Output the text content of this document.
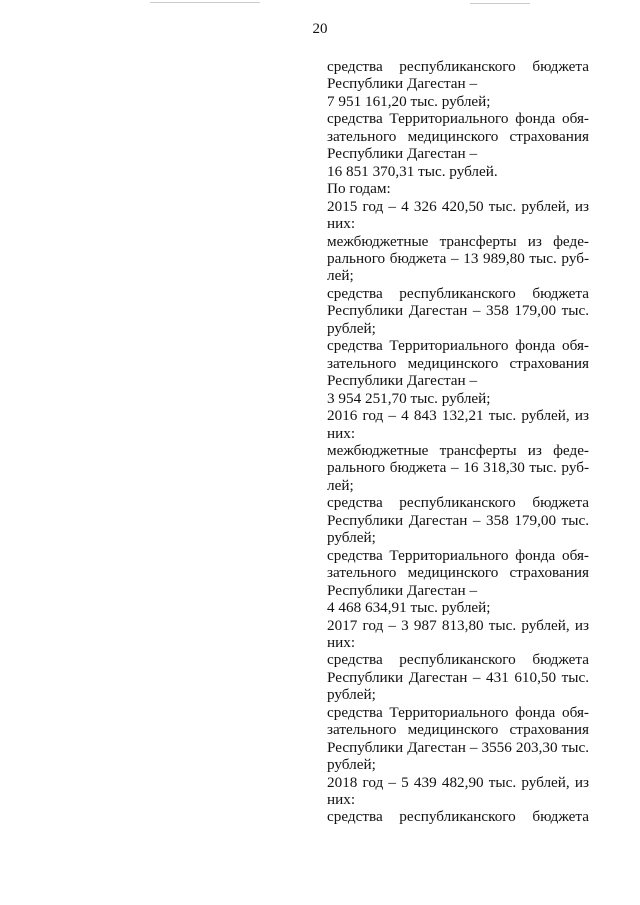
20
средства республиканского бюджета
Республики Дагестан –
7 951 161,20 тыс. рублей;
средства Территориального фонда обя-
зательного медицинского страхования
Республики Дагестан –
16 851 370,31 тыс. рублей.
По годам:
2015 год – 4 326 420,50 тыс. рублей, из
них:
межбюджетные трансферты из феде-
рального бюджета – 13 989,80 тыс. руб-
лей;
средства республиканского бюджета
Республики Дагестан – 358 179,00 тыс.
рублей;
средства Территориального фонда обя-
зательного медицинского страхования
Республики Дагестан –
3 954 251,70 тыс. рублей;
2016 год – 4 843 132,21 тыс. рублей, из
них:
межбюджетные трансферты из феде-
рального бюджета – 16 318,30 тыс. руб-
лей;
средства республиканского бюджета
Республики Дагестан – 358 179,00 тыс.
рублей;
средства Территориального фонда обя-
зательного медицинского страхования
Республики Дагестан –
4 468 634,91 тыс. рублей;
2017 год – 3 987 813,80 тыс. рублей, из
них:
средства республиканского бюджета
Республики Дагестан – 431 610,50 тыс.
рублей;
средства Территориального фонда обя-
зательного медицинского страхования
Республики Дагестан – 3556 203,30 тыс.
рублей;
2018 год – 5 439 482,90 тыс. рублей, из
них:
средства республиканского бюджета
